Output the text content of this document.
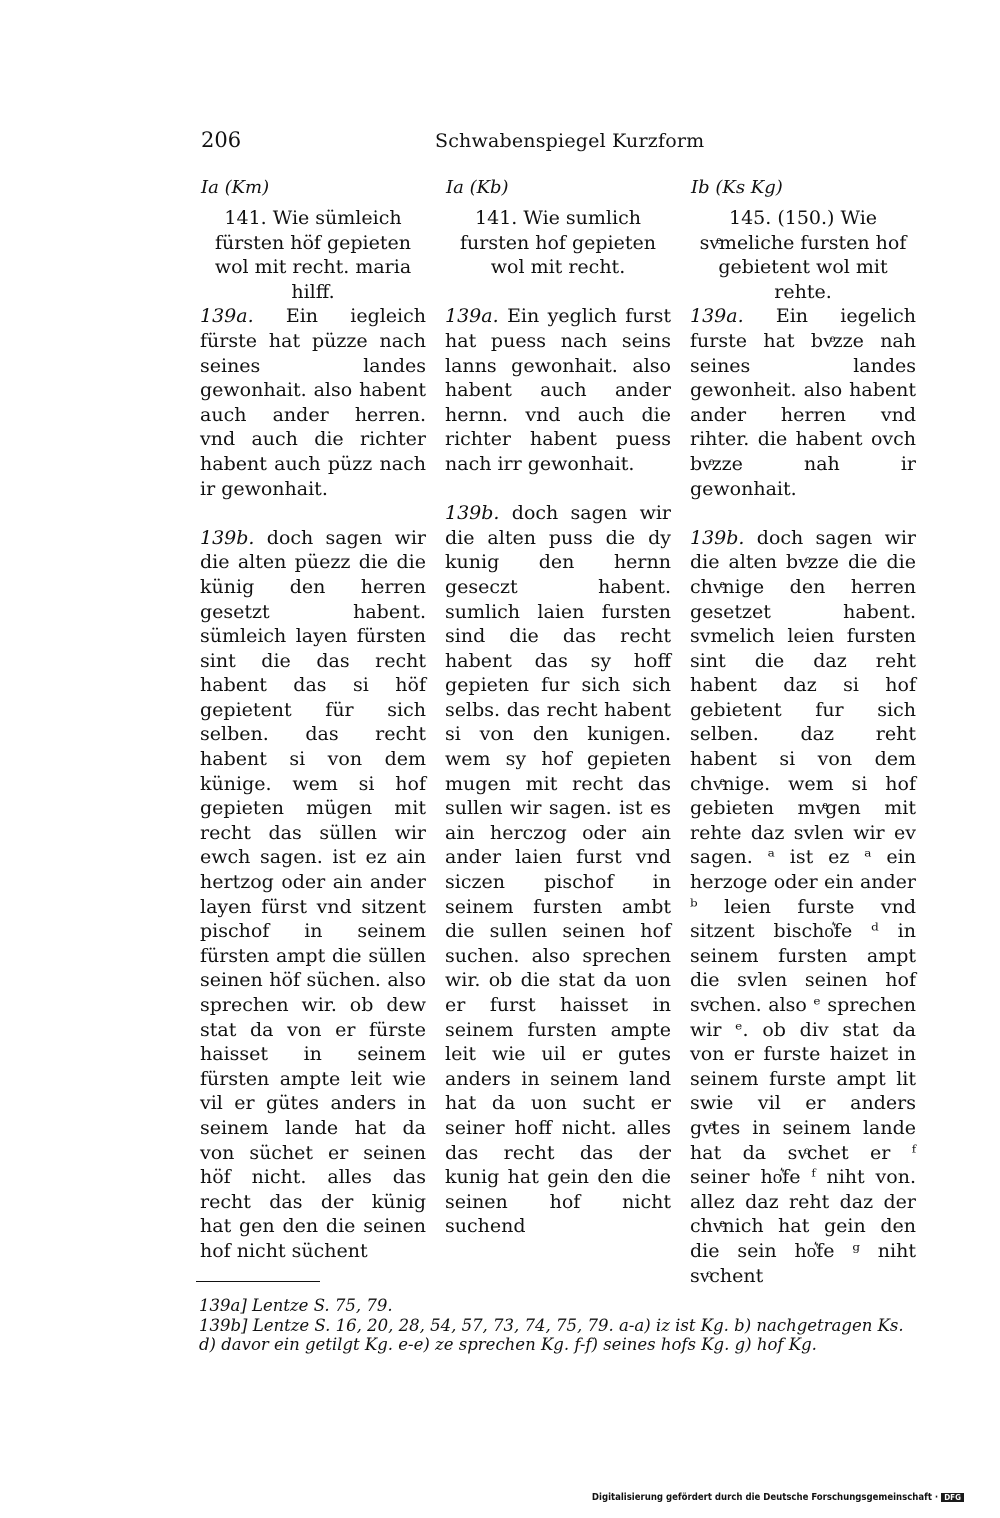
206	Schwabenspiegel Kurzform
Ia (Km)	Ia (Kb)	Ib (Ks Kg)

141. Wie sümleich fürsten höf gepieten wol mit recht. maria hilff.

139a. Ein iegleich fürste hat püzze nach seines landes gewonhait. also habent auch ander herren. vnd auch die richter habent auch püzz nach ir gewonhait.

139b. doch sagen wir die alten püezz die die künig den herren gesetzt habent. sümleich layen fürsten sint die das recht habent das si höf gepietent für sich selben. das recht habent si von dem künige. wem si hof gepieten mügen mit recht das süllen wir ewch sagen. ist ez ain hertzog oder ain ander layen fürst vnd sitzent pischof in seinem fürsten ampt die süllen seinen höf süchen. also sprechen wir. ob dew stat da von er fürste haisset in seinem fürsten ampte leit wie vil er gütes anders in seinem lande hat da von süchet er seinen höf nicht. alles das recht das der künig hat gen den die seinen hof nicht süchent

141. Wie sumlich fursten hof gepieten wol mit recht.

139a. Ein yeglich furst hat puess nach seins lanns gewonhait. also habent auch ander hernn. vnd auch die richter habent puess nach irr gewonhait.

139b. doch sagen wir die alten puss die dy kunig den hernn geseczt habent. sumlich laien fursten sind die das recht habent das sy hoff gepieten fur sich sich selbs. das recht habent si von den kunigen. wem sy hof gepieten mugen mit recht das sullen wir sagen. ist es ain herczog oder ain ander laien furst vnd siczen pischof in seinem fursten ambt die sullen seinen hof suchen. also sprechen wir. ob die stat da uon er furst haisset in seinem fursten ampte leit wie uil er gutes anders in seinem land hat da uon sucht er seiner hoff nicht. alles das recht das der kunig hat gein den die seinen hof nicht suchend

145. (150.) Wie svͤmeliche fursten hof gebietent wol mit rehte.

139a. Ein iegelich furste hat bvͦzze nah seines landes gewonheit. also habent ander herren vnd rihter. die habent ovch bvͦzze nah ir gewonhait.

139b. doch sagen wir die alten bvͦzze die die chvͤnige den herren gesetzet habent. svmelich leien fursten sint die daz reht habent daz si hof gebietent fur sich selben. daz reht habent si von dem chvͤnige. wem si hof gebieten mvͤgen mit rehte daz svlen wir ev sagen. ᵃ ist ez ᵃ ein herzoge oder ein ander ᵇ leien furste vnd sitzent bischo͛fe ᵈ in seinem fursten ampt die svlen seinen hof svͦchen. also ᵉ sprechen wir ᵉ. ob div stat da von er furste haizet in seinem furste ampt lit swie vil er anders gvͦtes in seinem lande hat da svͦchet er ᶠ seiner ho͛fe ᶠ niht von. allez daz reht daz der chvͤnich hat gein den die sein ho͛fe ᵍ niht svͦchent

139a] Lentze S. 75, 79.

139b] Lentze S. 16, 20, 28, 54, 57, 73, 74, 75, 79. a-a) iz ist Kg. b) nachgetragen Ks. d) davor ein getilgt Kg. e-e) ze sprechen Kg. f-f) seines hofs Kg. g) hof Kg.

Digitalisierung gefördert durch die Deutsche Forschungsgemeinschaft · DFG
